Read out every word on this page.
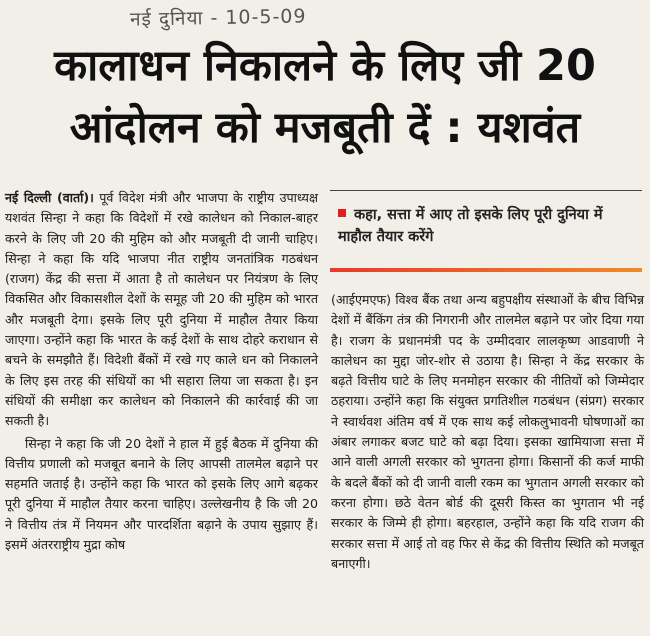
नई दुनिया - 10-5-09
कालाधन निकालने के लिए जी 20
आंदोलन को मजबूती दें : यशवंत

नई दिल्ली (वार्ता)। पूर्व विदेश मंत्री और भाजपा के राष्ट्रीय उपाध्यक्ष यशवंत सिन्हा ने कहा कि विदेशों में रखे कालेधन को निकाल-बाहर करने के लिए जी 20 की मुहिम को और मजबूती दी जानी चाहिए। सिन्हा ने कहा कि यदि भाजपा नीत राष्ट्रीय जनतांत्रिक गठबंधन (राजग) केंद्र की सत्ता में आता है तो कालेधन पर नियंत्रण के लिए विकसित और विकासशील देशों के समूह जी 20 की मुहिम को भारत और मजबूती देगा। इसके लिए पूरी दुनिया में माहौल तैयार किया जाएगा। उन्होंने कहा कि भारत के कई देशों के साथ दोहरे कराधान से बचने के समझौते हैं। विदेशी बैंकों में रखे गए काले धन को निकालने के लिए इस तरह की संधियों का भी सहारा लिया जा सकता है। इन संधियों की समीक्षा कर कालेधन को निकालने की कार्रवाई की जा सकती है।

सिन्हा ने कहा कि जी 20 देशों ने हाल में हुई बैठक में दुनिया की वित्तीय प्रणाली को मजबूत बनाने के लिए आपसी तालमेल बढ़ाने पर सहमति जताई है। उन्होंने कहा कि भारत को इसके लिए आगे बढ़कर पूरी दुनिया में माहौल तैयार करना चाहिए। उल्लेखनीय है कि जी 20 ने वित्तीय तंत्र में नियमन और पारदर्शिता बढ़ाने के उपाय सुझाए हैं। इसमें अंतरराष्ट्रीय मुद्रा कोष

कहा, सत्ता में आए तो इसके लिए पूरी दुनिया में माहौल तैयार करेंगे

(आईएमएफ) विश्व बैंक तथा अन्य बहुपक्षीय संस्थाओं के बीच विभिन्न देशों में बैंकिंग तंत्र की निगरानी और तालमेल बढ़ाने पर जोर दिया गया है। राजग के प्रधानमंत्री पद के उम्मीदवार लालकृष्ण आडवाणी ने कालेधन का मुद्दा जोर-शोर से उठाया है। सिन्हा ने केंद्र सरकार के बढ़ते वित्तीय घाटे के लिए मनमोहन सरकार की नीतियों को जिम्मेदार ठहराया। उन्होंने कहा कि संयुक्त प्रगतिशील गठबंधन (संप्रग) सरकार ने स्वार्थवश अंतिम वर्ष में एक साथ कई लोकलुभावनी घोषणाओं का अंबार लगाकर बजट घाटे को बढ़ा दिया। इसका खामियाजा सत्ता में आने वाली अगली सरकार को भुगतना होगा। किसानों की कर्ज माफी के बदले बैंकों को दी जानी वाली रकम का भुगतान अगली सरकार को करना होगा। छठे वेतन बोर्ड की दूसरी किस्त का भुगतान भी नई सरकार के जिम्मे ही होगा। बहरहाल, उन्होंने कहा कि यदि राजग की सरकार सत्ता में आई तो वह फिर से केंद्र की वित्तीय स्थिति को मजबूत बनाएगी।
